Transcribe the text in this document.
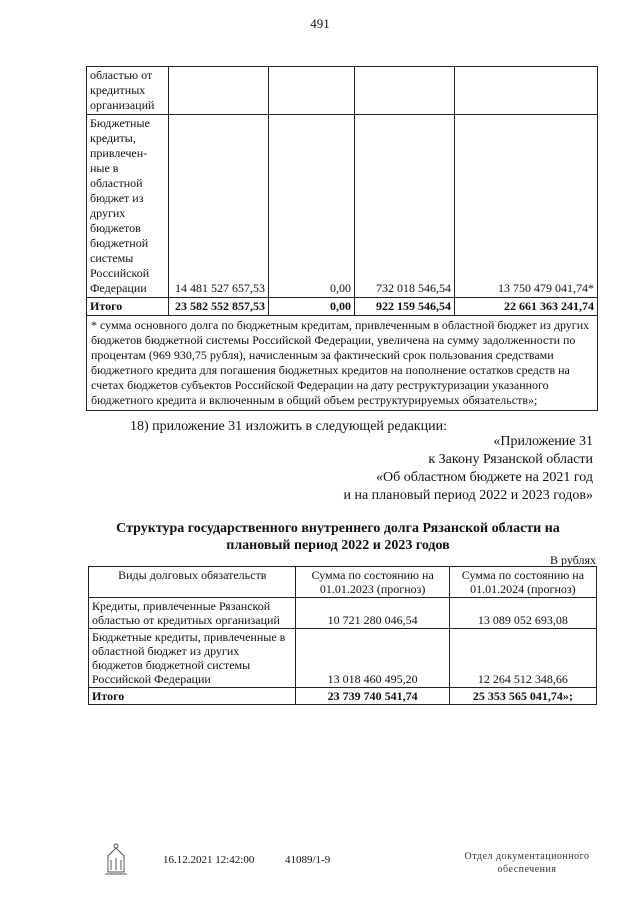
491
областью от кредитных организаций				
Бюджетные кредиты, привлечен-ные в областной бюджет из других бюджетов бюджетной системы Российской Федерации	14 481 527 657,53	0,00	732 018 546,54	13 750 479 041,74*
Итого	23 582 552 857,53	0,00	922 159 546,54	22 661 363 241,74
* сумма основного долга по бюджетным кредитам, привлеченным в областной бюджет из других бюджетов бюджетной системы Российской Федерации, увеличена на сумму задолженности по процентам (969 930,75 рубля), начисленным за фактический срок пользования средствами бюджетного кредита для погашения бюджетных кредитов на пополнение остатков средств на счетах бюджетов субъектов Российской Федерации на дату реструктуризации указанного бюджетного кредита и включенным в общий объем реструктурируемых обязательств»;				
18) приложение 31 изложить в следующей редакции:
«Приложение 31
к Закону Рязанской области
«Об областном бюджете на 2021 год
и на плановый период 2022 и 2023 годов»
Структура государственного внутреннего долга Рязанской области на плановый период 2022 и 2023 годов
В рублях
Виды долговых обязательств	Сумма по состоянию на 01.01.2023 (прогноз)	Сумма по состоянию на 01.01.2024 (прогноз)
Кредиты, привлеченные Рязанской областью от кредитных организаций	10 721 280 046,54	13 089 052 693,08
Бюджетные кредиты, привлеченные в областной бюджет из других бюджетов бюджетной системы Российской Федерации	13 018 460 495,20	12 264 512 348,66
Итого	23 739 740 541,74	25 353 565 041,74»;
16.12.2021 12:42:00	41089/1-9	Отдел документационного
обеспечения
